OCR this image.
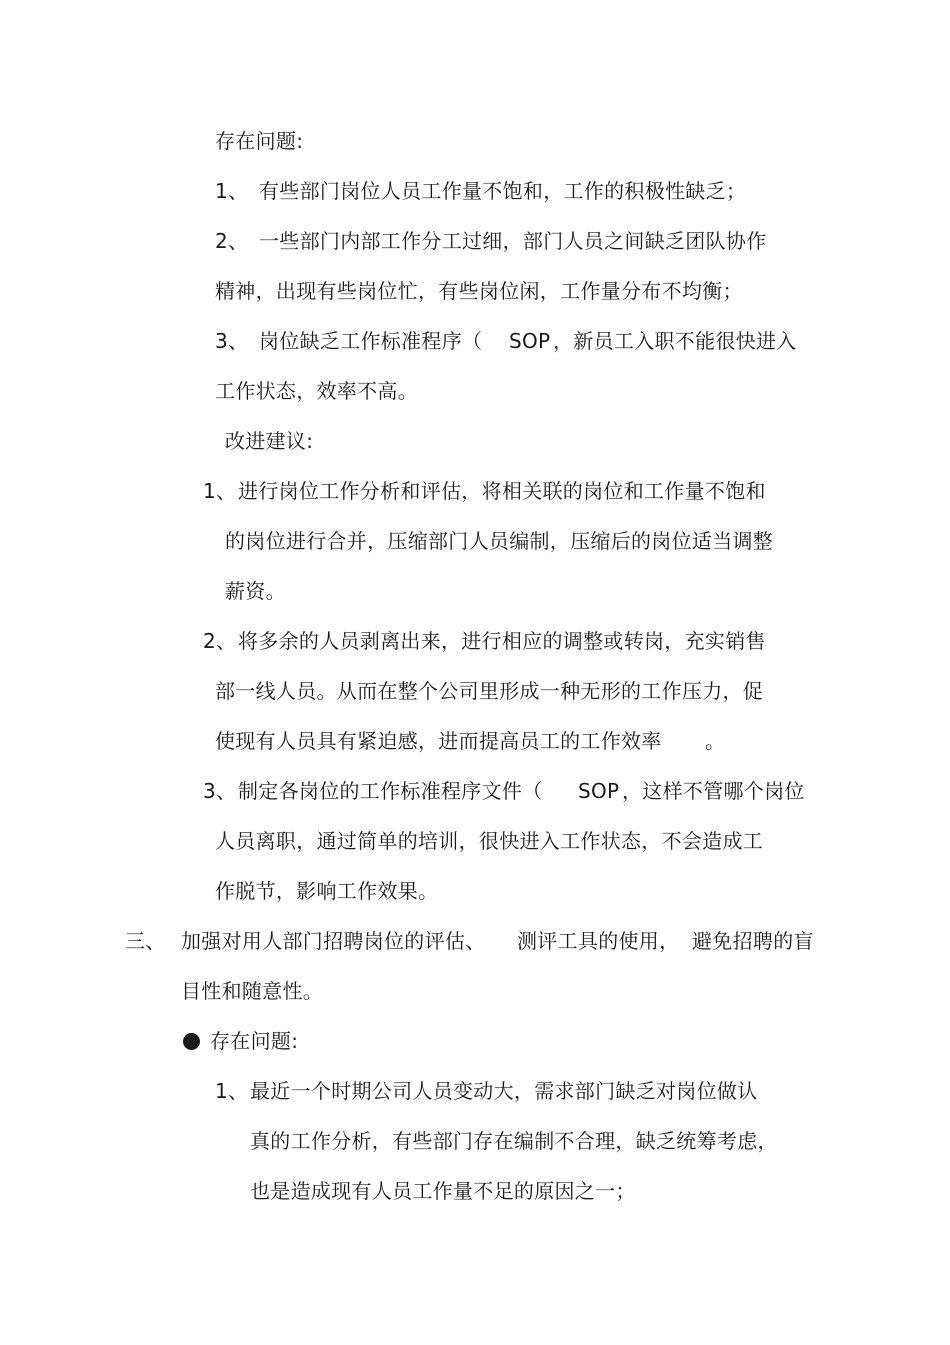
存在问题:
1、 有些部门岗位人员工作量不饱和，工作的积极性缺乏；
2、 一些部门内部工作分工过细，部门人员之间缺乏团队协作
精神，出现有些岗位忙，有些岗位闲，工作量分布不均衡；
3、 岗位缺乏工作标准程序（ SOP ，新员工入职不能很快进入
工作状态，效率不高。
改进建议:
1、 进行岗位工作分析和评估，将相关联的岗位和工作量不饱和
的岗位进行合并，压缩部门人员编制，压缩后的岗位适当调整
薪资。
2、 将多余的人员剥离出来，进行相应的调整或转岗，充实销售
部一线人员。从而在整个公司里形成一种无形的工作压力，促
使现有人员具有紧迫感，进而提高员工的工作效率 。
3、 制定各岗位的工作标准程序文件（ SOP ，这样不管哪个岗位
人员离职，通过简单的培训，很快进入工作状态，不会造成工
作脱节，影响工作效果。
三、 加强对用人部门招聘岗位的评估、 测评工具的使用， 避免招聘的盲
目性和随意性。
存在问题:
1、 最近一个时期公司人员变动大，需求部门缺乏对岗位做认
真的工作分析，有些部门存在编制不合理，缺乏统筹考虑，
也是造成现有人员工作量不足的原因之一；
